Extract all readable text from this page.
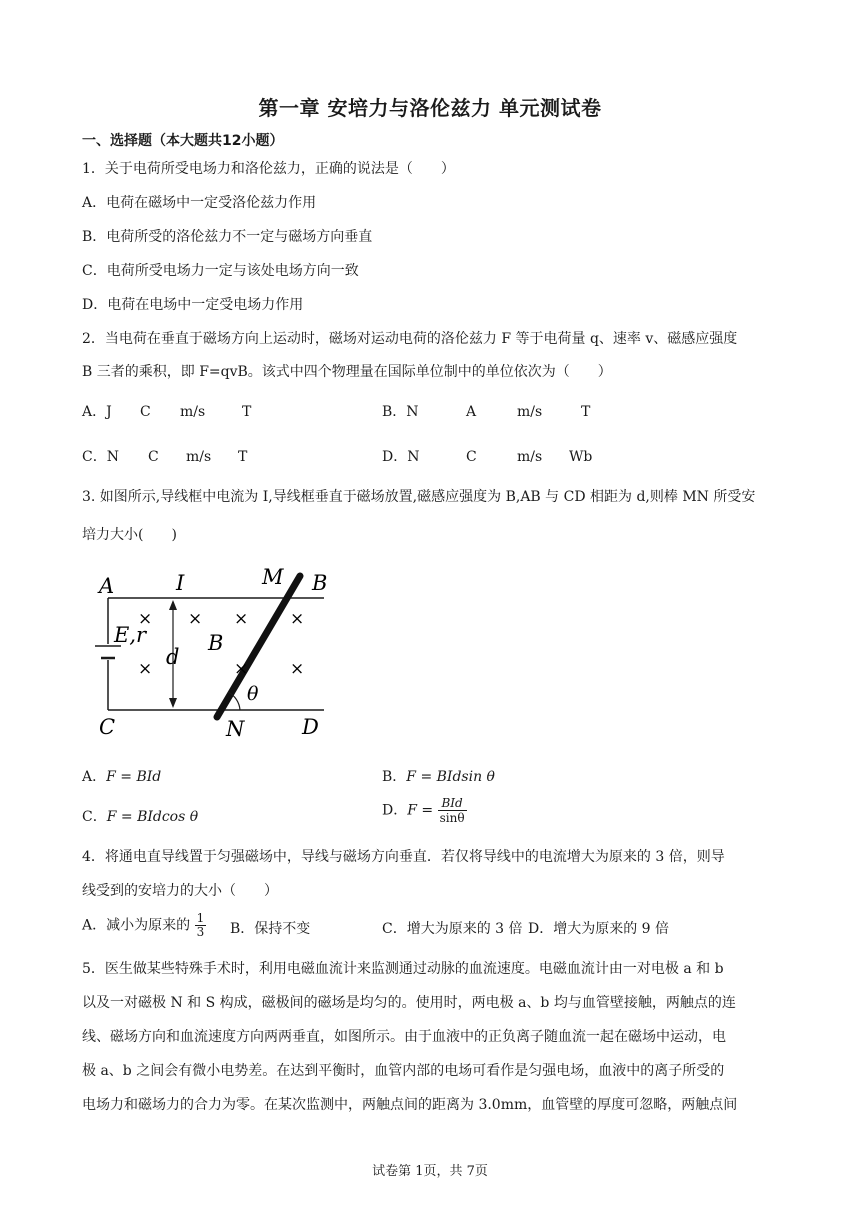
第一章 安培力与洛伦兹力 单元测试卷
一、选择题（本大题共12小题）
1．关于电荷所受电场力和洛伦兹力，正确的说法是（　　）
A．电荷在磁场中一定受洛伦兹力作用
B．电荷所受的洛伦兹力不一定与磁场方向垂直
C．电荷所受电场力一定与该处电场方向一致
D．电荷在电场中一定受电场力作用
2．当电荷在垂直于磁场方向上运动时，磁场对运动电荷的洛伦兹力 F 等于电荷量 q、速率 v、磁感应强度
B 三者的乘积，即 F=qvB。该式中四个物理量在国际单位制中的单位依次为（　　）
A．J C m/s	T	B．N	A	m/s	T
C．N C m/s T	D．N	C	m/s Wb
3. 如图所示,导线框中电流为 I,导线框垂直于磁场放置,磁感应强度为 B,AB 与 CD 相距为 d,则棒 MN 所受安
培力大小(　　)
× × × ×
×	× ×
A	I	M B
E,r
d
B
θ
C	N	D
A．F = BId	B．F = BIdsin θ
C．F = BIdcos θ	D．$F = \frac{\text{BId}}{\sin\theta}$
4．将通电直导线置于匀强磁场中，导线与磁场方向垂直．若仅将导线中的电流增大为原来的 3 倍，则导
线受到的安培力的大小（　　）
A．减小为原来的 $\frac{1}{3}$ B．保持不变	C．增大为原来的 3 倍 D．增大为原来的 9 倍
5．医生做某些特殊手术时，利用电磁血流计来监测通过动脉的血流速度。电磁血流计由一对电极 a 和 b
以及一对磁极 N 和 S 构成，磁极间的磁场是均匀的。使用时，两电极 a、b 均与血管壁接触，两触点的连
线、磁场方向和血流速度方向两两垂直，如图所示。由于血液中的正负离子随血流一起在磁场中运动，电
极 a、b 之间会有微小电势差。在达到平衡时，血管内部的电场可看作是匀强电场，血液中的离子所受的
电场力和磁场力的合力为零。在某次监测中，两触点间的距离为 3.0mm，血管壁的厚度可忽略，两触点间
试卷第 1页，共 7页
